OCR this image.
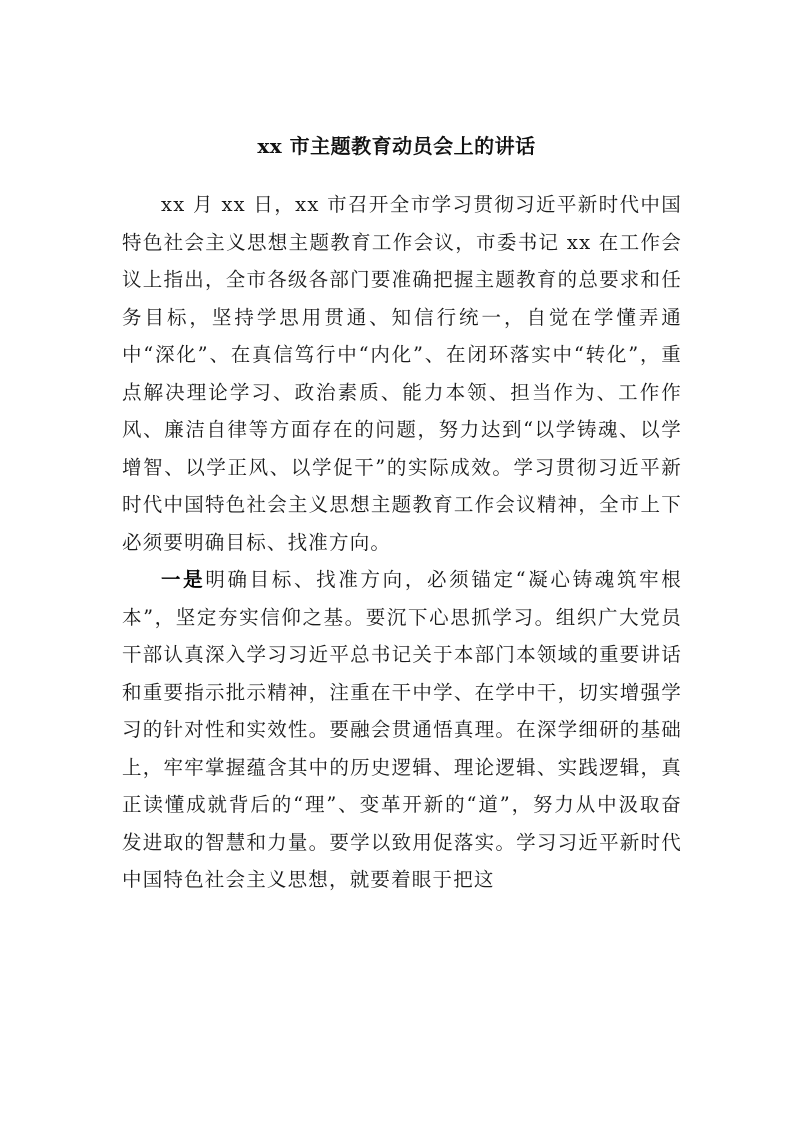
xx 市主题教育动员会上的讲话

xx 月 xx 日，xx 市召开全市学习贯彻习近平新时代中国特色社会主义思想主题教育工作会议，市委书记 xx 在工作会议上指出，全市各级各部门要准确把握主题教育的总要求和任务目标，坚持学思用贯通、知信行统一，自觉在学懂弄通中“深化”、在真信笃行中“内化”、在闭环落实中“转化”，重点解决理论学习、政治素质、能力本领、担当作为、工作作风、廉洁自律等方面存在的问题，努力达到“以学铸魂、以学增智、以学正风、以学促干”的实际成效。学习贯彻习近平新时代中国特色社会主义思想主题教育工作会议精神，全市上下必须要明确目标、找准方向。

一是明确目标、找准方向，必须锚定“凝心铸魂筑牢根本”，坚定夯实信仰之基。要沉下心思抓学习。组织广大党员干部认真深入学习习近平总书记关于本部门本领域的重要讲话和重要指示批示精神，注重在干中学、在学中干，切实增强学习的针对性和实效性。要融会贯通悟真理。在深学细研的基础上，牢牢掌握蕴含其中的历史逻辑、理论逻辑、实践逻辑，真正读懂成就背后的“理”、变革开新的“道”，努力从中汲取奋发进取的智慧和力量。要学以致用促落实。学习习近平新时代中国特色社会主义思想，就要着眼于把这
